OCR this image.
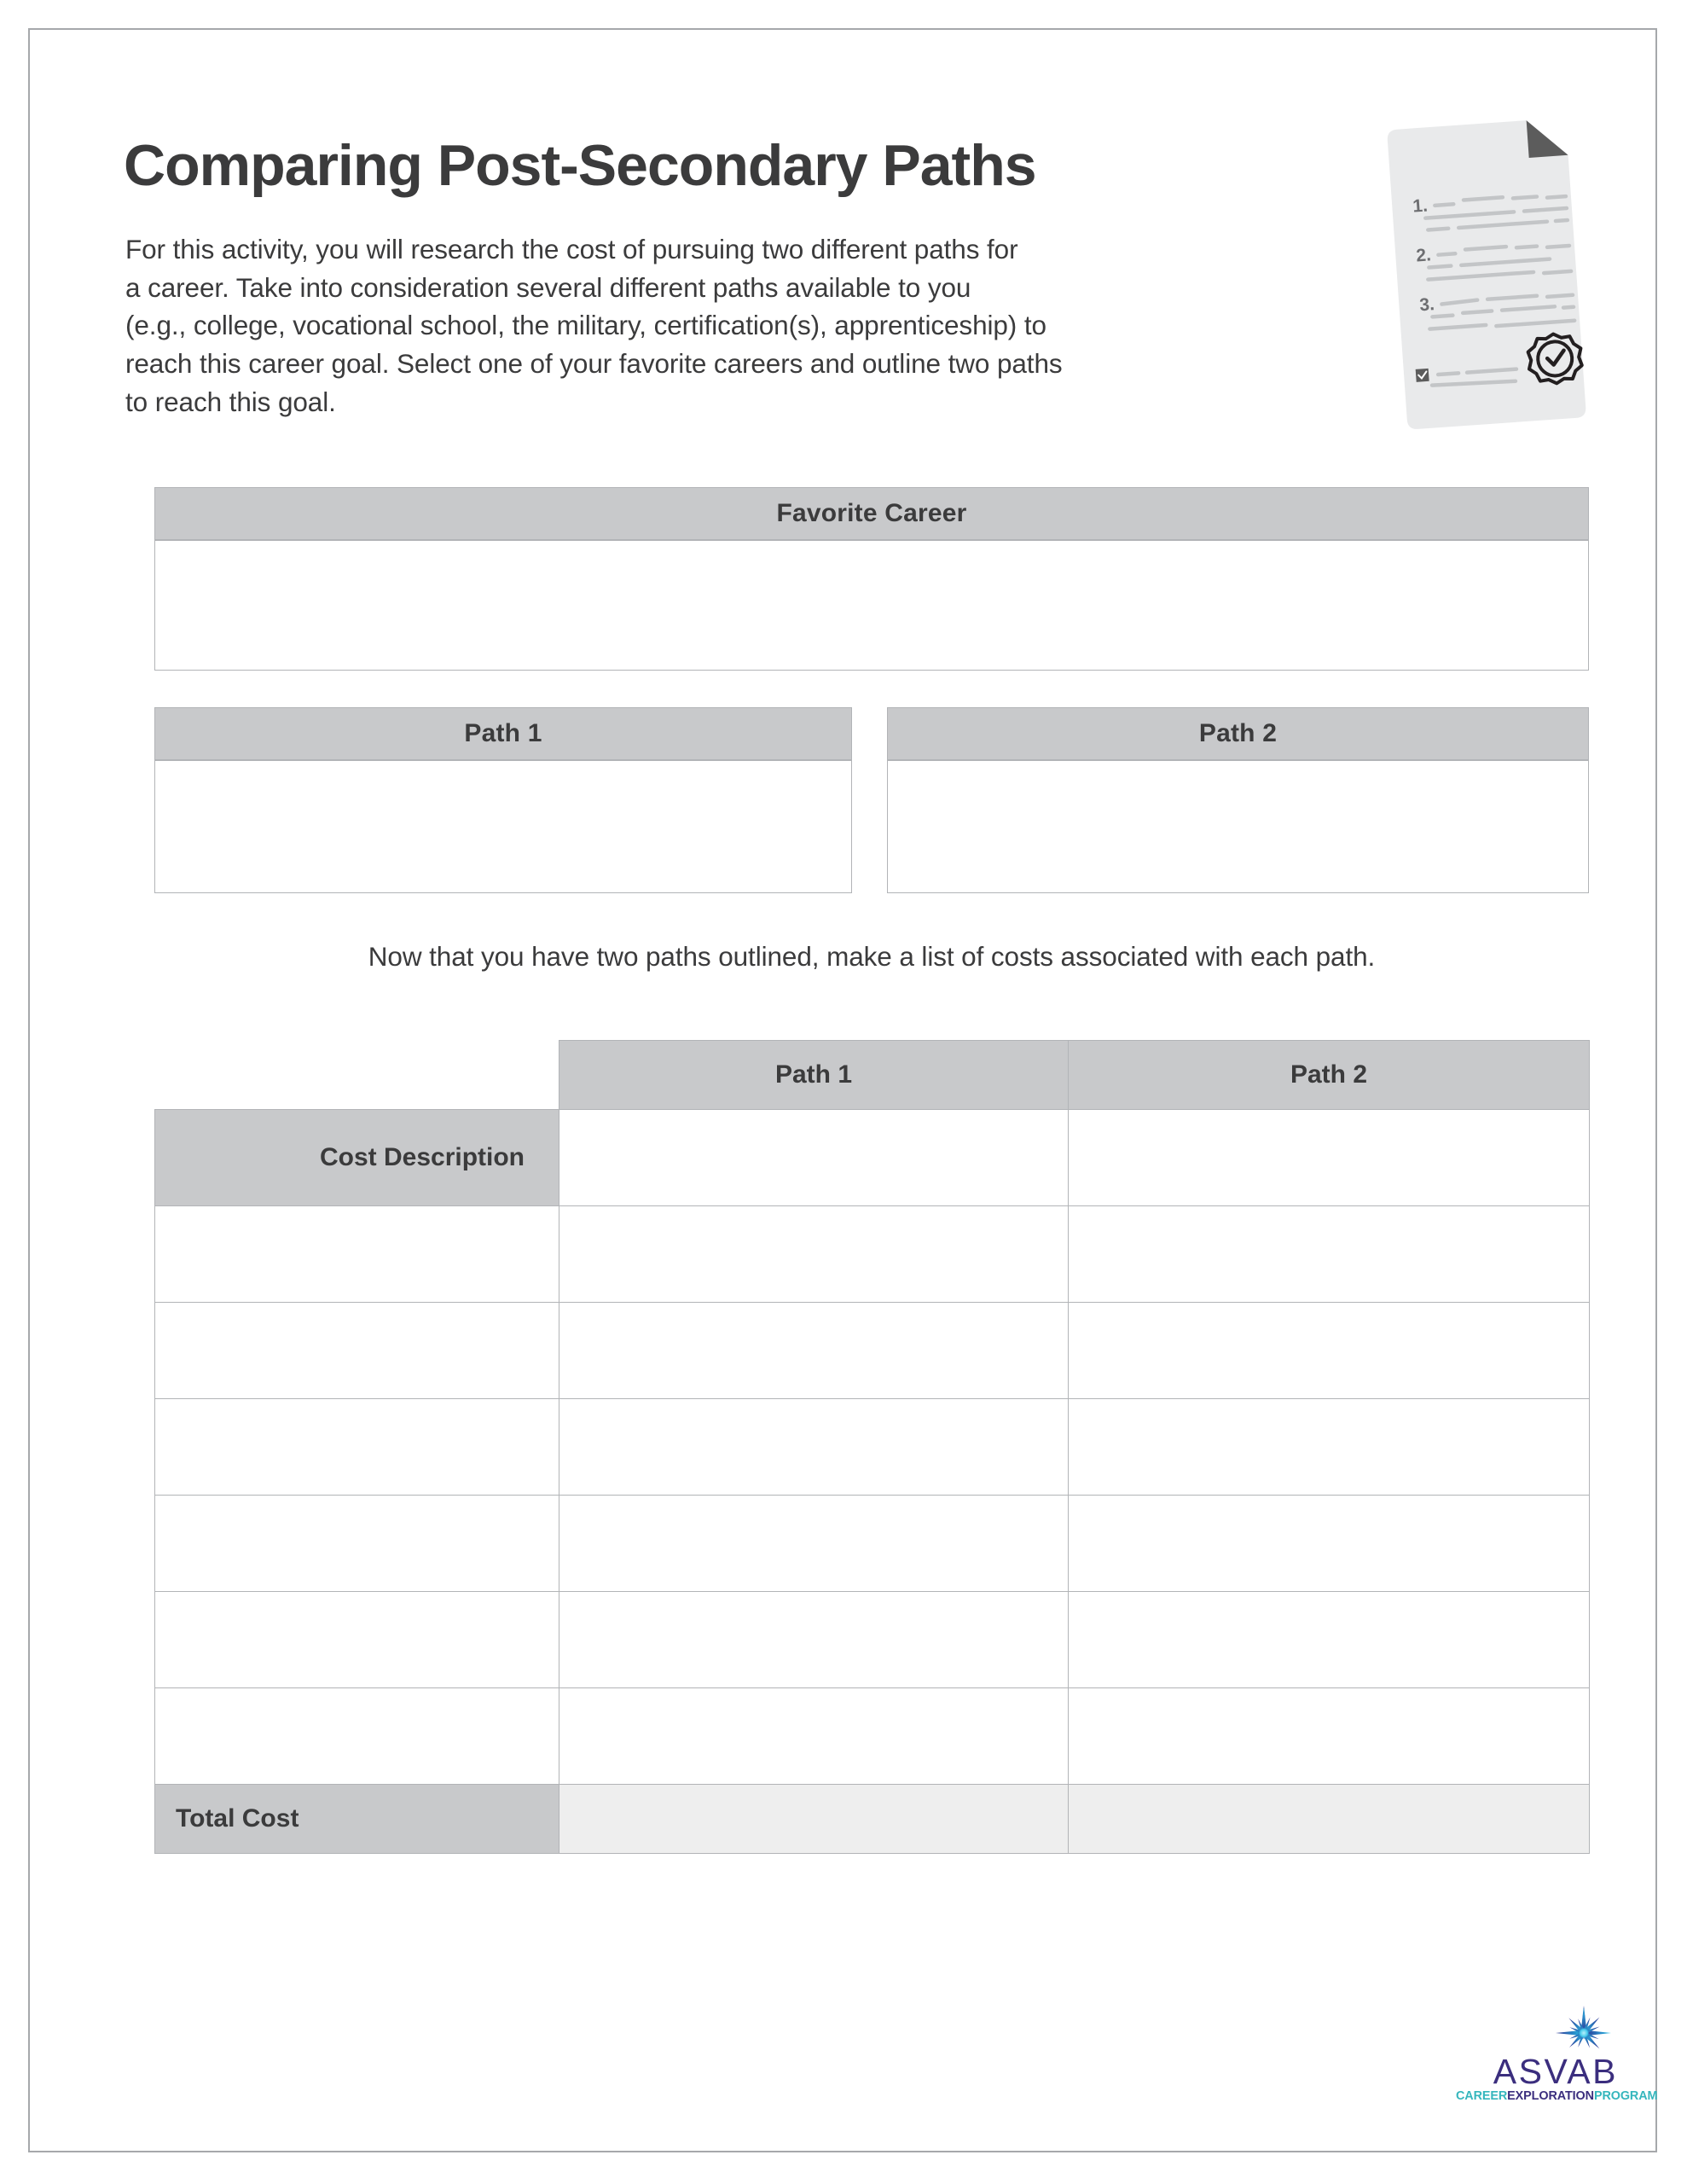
Comparing Post-Secondary Paths
For this activity, you will research the cost of pursuing two different paths for
a career. Take into consideration several different paths available to you
(e.g., college, vocational school, the military, certification(s), apprenticeship) to
reach this career goal. Select one of your favorite careers and outline two paths
to reach this goal.
1.
2.
3.
Favorite Career
Path 1	Path 2
Now that you have two paths outlined, make a list of costs associated with each path.
	Path 1	Path 2
Cost Description		

Total Cost		
ASVAB
CAREEREXPLORATIONPROGRAM
